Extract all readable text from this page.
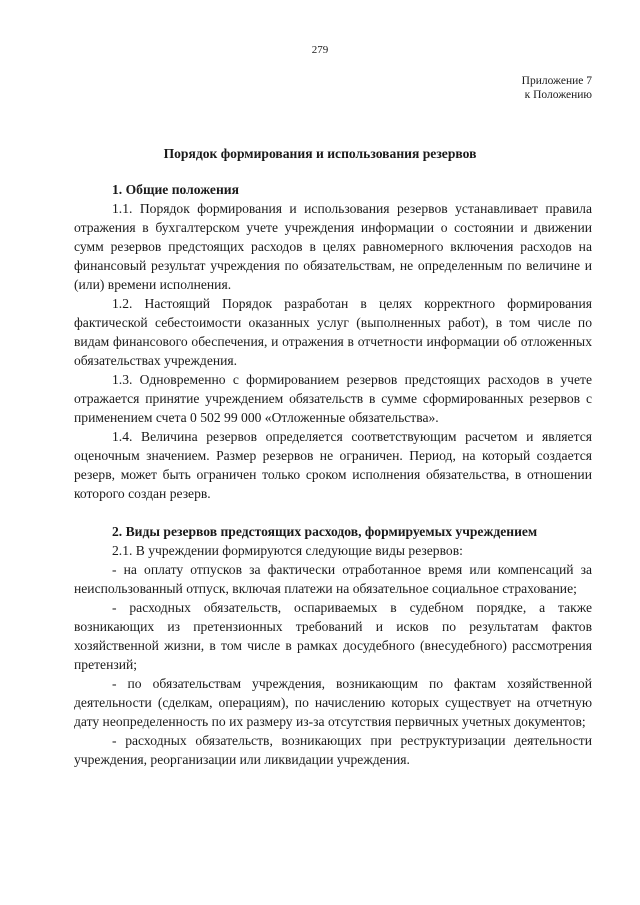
279
Приложение 7
к Положению
Порядок формирования и использования резервов
1. Общие положения

1.1. Порядок формирования и использования резервов устанавливает правила отражения в бухгалтерском учете учреждения информации о состоянии и движении сумм резервов предстоящих расходов в целях равномерного включения расходов на финансовый результат учреждения по обязательствам, не определенным по величине и (или) времени исполнения.

1.2. Настоящий Порядок разработан в целях корректного формирования фактической себестоимости оказанных услуг (выполненных работ), в том числе по видам финансового обеспечения, и отражения в отчетности информации об отложенных обязательствах учреждения.

1.3. Одновременно с формированием резервов предстоящих расходов в учете отражается принятие учреждением обязательств в сумме сформированных резервов с применением счета 0 502 99 000 «Отложенные обязательства».

1.4. Величина резервов определяется соответствующим расчетом и является оценочным значением. Размер резервов не ограничен. Период, на который создается резерв, может быть ограничен только сроком исполнения обязательства, в отношении которого создан резерв.

2. Виды резервов предстоящих расходов, формируемых учреждением

2.1. В учреждении формируются следующие виды резервов:

- на оплату отпусков за фактически отработанное время или компенсаций за неиспользованный отпуск, включая платежи на обязательное социальное страхование;

- расходных обязательств, оспариваемых в судебном порядке, а также возникающих из претензионных требований и исков по результатам фактов хозяйственной жизни, в том числе в рамках досудебного (внесудебного) рассмотрения претензий;

- по обязательствам учреждения, возникающим по фактам хозяйственной деятельности (сделкам, операциям), по начислению которых существует на отчетную дату неопределенность по их размеру из-за отсутствия первичных учетных документов;

- расходных обязательств, возникающих при реструктуризации деятельности учреждения, реорганизации или ликвидации учреждения.
